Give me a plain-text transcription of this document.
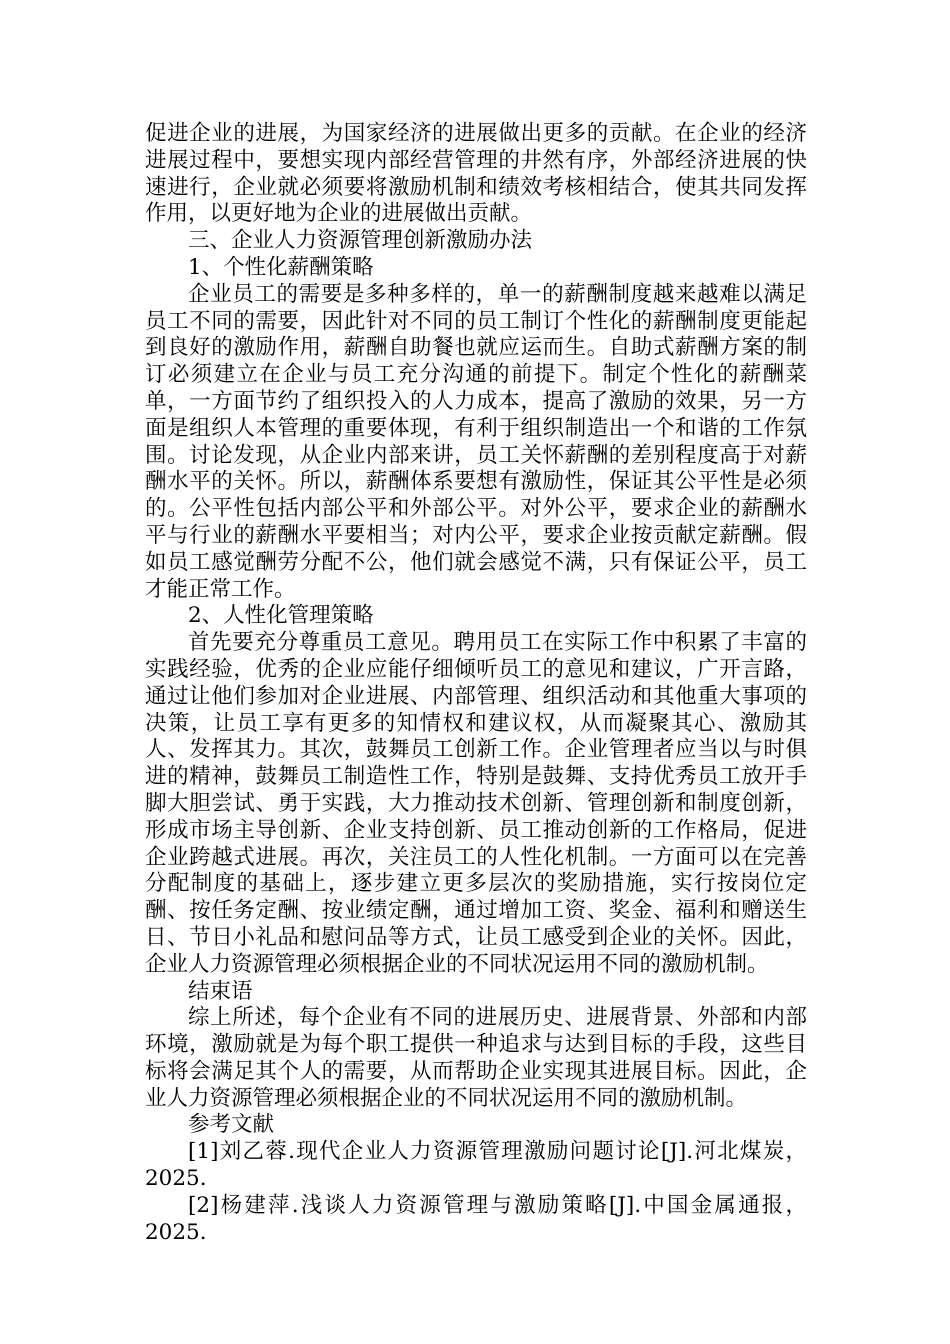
促进企业的进展，为国家经济的进展做出更多的贡献。在企业的经济进展过程中，要想实现内部经营管理的井然有序，外部经济进展的快速进行，企业就必须要将激励机制和绩效考核相结合，使其共同发挥作用，以更好地为企业的进展做出贡献。

三、企业人力资源管理创新激励办法

1、个性化薪酬策略

企业员工的需要是多种多样的，单一的薪酬制度越来越难以满足员工不同的需要，因此针对不同的员工制订个性化的薪酬制度更能起到良好的激励作用，薪酬自助餐也就应运而生。自助式薪酬方案的制订必须建立在企业与员工充分沟通的前提下。制定个性化的薪酬菜单，一方面节约了组织投入的人力成本，提高了激励的效果，另一方面是组织人本管理的重要体现，有利于组织制造出一个和谐的工作氛围。讨论发现，从企业内部来讲，员工关怀薪酬的差别程度高于对薪酬水平的关怀。所以，薪酬体系要想有激励性，保证其公平性是必须的。公平性包括内部公平和外部公平。对外公平，要求企业的薪酬水平与行业的薪酬水平要相当；对内公平，要求企业按贡献定薪酬。假如员工感觉酬劳分配不公，他们就会感觉不满，只有保证公平，员工才能正常工作。

2、人性化管理策略

首先要充分尊重员工意见。聘用员工在实际工作中积累了丰富的实践经验，优秀的企业应能仔细倾听员工的意见和建议，广开言路，通过让他们参加对企业进展、内部管理、组织活动和其他重大事项的决策，让员工享有更多的知情权和建议权，从而凝聚其心、激励其人、发挥其力。其次，鼓舞员工创新工作。企业管理者应当以与时俱进的精神，鼓舞员工制造性工作，特别是鼓舞、支持优秀员工放开手脚大胆尝试、勇于实践，大力推动技术创新、管理创新和制度创新，形成市场主导创新、企业支持创新、员工推动创新的工作格局，促进企业跨越式进展。再次，关注员工的人性化机制。一方面可以在完善分配制度的基础上，逐步建立更多层次的奖励措施，实行按岗位定酬、按任务定酬、按业绩定酬，通过增加工资、奖金、福利和赠送生日、节日小礼品和慰问品等方式，让员工感受到企业的关怀。因此，企业人力资源管理必须根据企业的不同状况运用不同的激励机制。

结束语

综上所述，每个企业有不同的进展历史、进展背景、外部和内部环境，激励就是为每个职工提供一种追求与达到目标的手段，这些目标将会满足其个人的需要，从而帮助企业实现其进展目标。因此，企业人力资源管理必须根据企业的不同状况运用不同的激励机制。

参考文献

[1]刘乙蓉.现代企业人力资源管理激励问题讨论[J].河北煤炭，2025.

[2]杨建萍.浅谈人力资源管理与激励策略[J].中国金属通报，2025.
